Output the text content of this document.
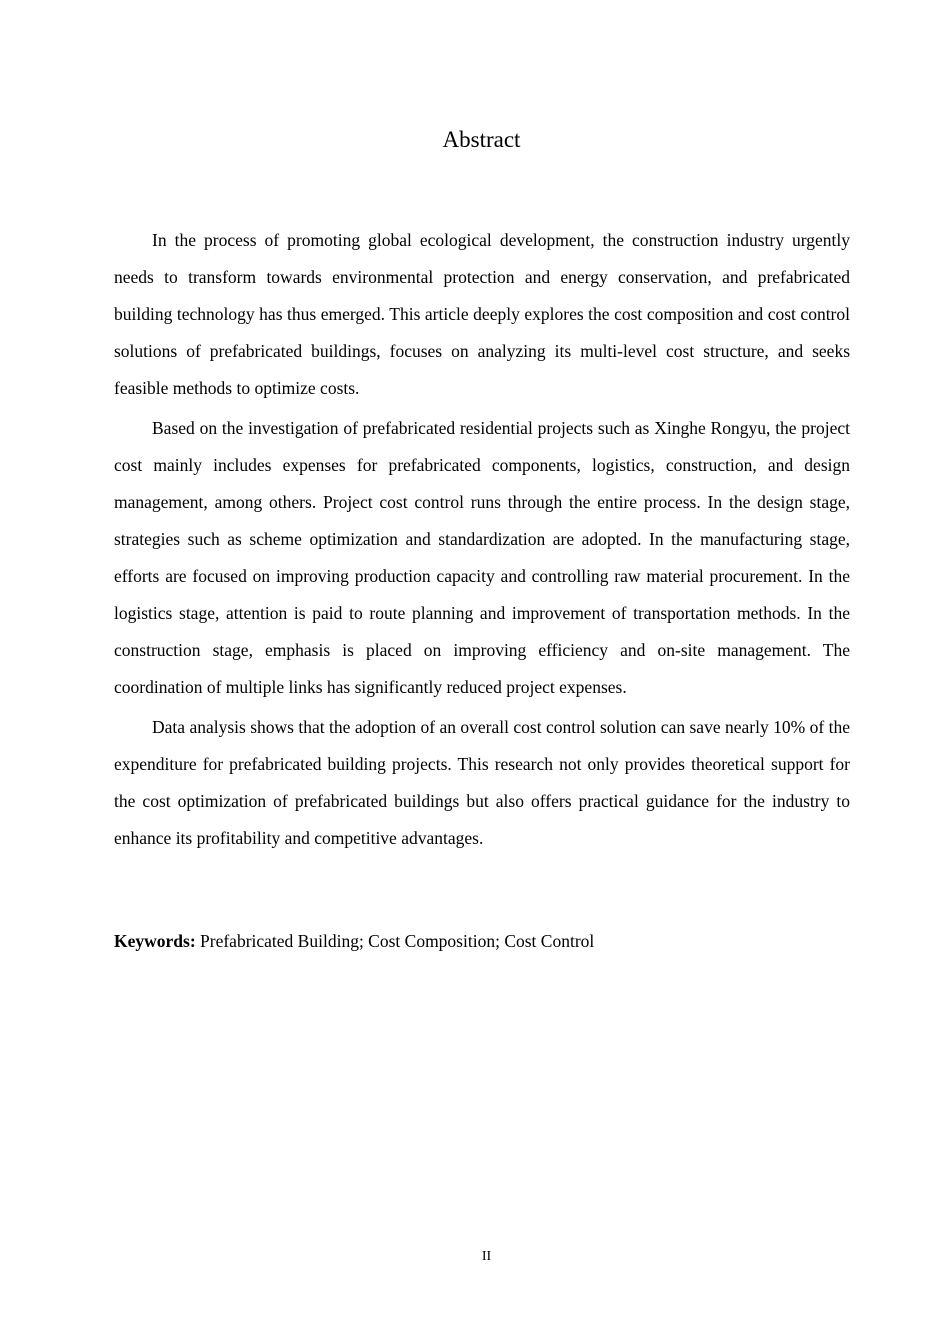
Abstract

In the process of promoting global ecological development, the construction industry urgently needs to transform towards environmental protection and energy conservation, and prefabricated building technology has thus emerged. This article deeply explores the cost composition and cost control solutions of prefabricated buildings, focuses on analyzing its multi-level cost structure, and seeks feasible methods to optimize costs.

Based on the investigation of prefabricated residential projects such as Xinghe Rongyu, the project cost mainly includes expenses for prefabricated components, logistics, construction, and design management, among others. Project cost control runs through the entire process. In the design stage, strategies such as scheme optimization and standardization are adopted. In the manufacturing stage, efforts are focused on improving production capacity and controlling raw material procurement. In the logistics stage, attention is paid to route planning and improvement of transportation methods. In the construction stage, emphasis is placed on improving efficiency and on-site management. The coordination of multiple links has significantly reduced project expenses.

Data analysis shows that the adoption of an overall cost control solution can save nearly 10% of the expenditure for prefabricated building projects. This research not only provides theoretical support for the cost optimization of prefabricated buildings but also offers practical guidance for the industry to enhance its profitability and competitive advantages.

Keywords: Prefabricated Building; Cost Composition; Cost Control
II
